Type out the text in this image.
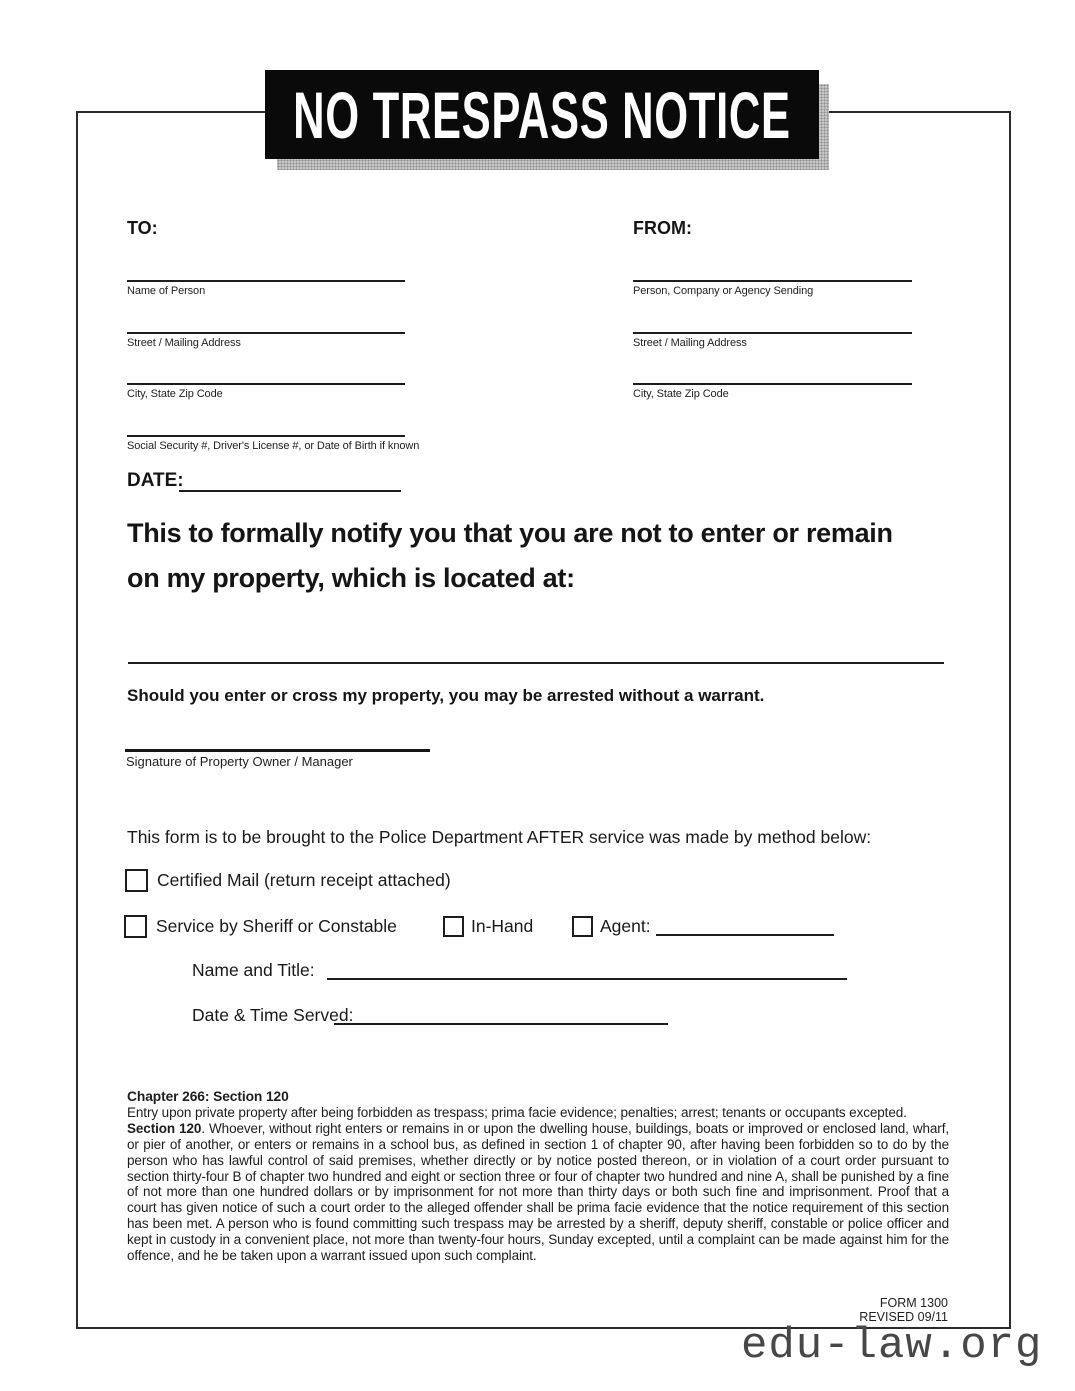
NO TRESPASS NOTICE
TO:
Name of Person
Street / Mailing Address
City, State Zip Code
Social Security #, Driver's License #, or Date of Birth if known
FROM:
Person, Company or Agency Sending
Street / Mailing Address
City, State Zip Code
DATE:
This to formally notify you that you are not to enter or remain
on my property, which is located at:
Should you enter or cross my property, you may be arrested without a warrant.
Signature of Property Owner / Manager
This form is to be brought to the Police Department AFTER service was made by method below:
Certified Mail (return receipt attached)
Service by Sheriff or Constable	In-Hand	Agent:
Name and Title:
Date & Time Served:
Chapter 266: Section 120

Entry upon private property after being forbidden as trespass; prima facie evidence; penalties; arrest; tenants or occupants excepted.

Section 120. Whoever, without right enters or remains in or upon the dwelling house, buildings, boats or improved or enclosed land, wharf, or pier of another, or enters or remains in a school bus, as defined in section 1 of chapter 90, after having been forbidden so to do by the person who has lawful control of said premises, whether directly or by notice posted thereon, or in violation of a court order pursuant to section thirty-four B of chapter two hundred and eight or section three or four of chapter two hundred and nine A, shall be punished by a fine of not more than one hundred dollars or by imprisonment for not more than thirty days or both such fine and imprisonment. Proof that a court has given notice of such a court order to the alleged offender shall be prima facie evidence that the notice requirement of this section has been met. A person who is found committing such trespass may be arrested by a sheriff, deputy sheriff, constable or police officer and kept in custody in a convenient place, not more than twenty-four hours, Sunday excepted, until a complaint can be made against him for the offence, and he be taken upon a warrant issued upon such complaint.

FORM 1300
REVISED 09/11
edu-law.org
